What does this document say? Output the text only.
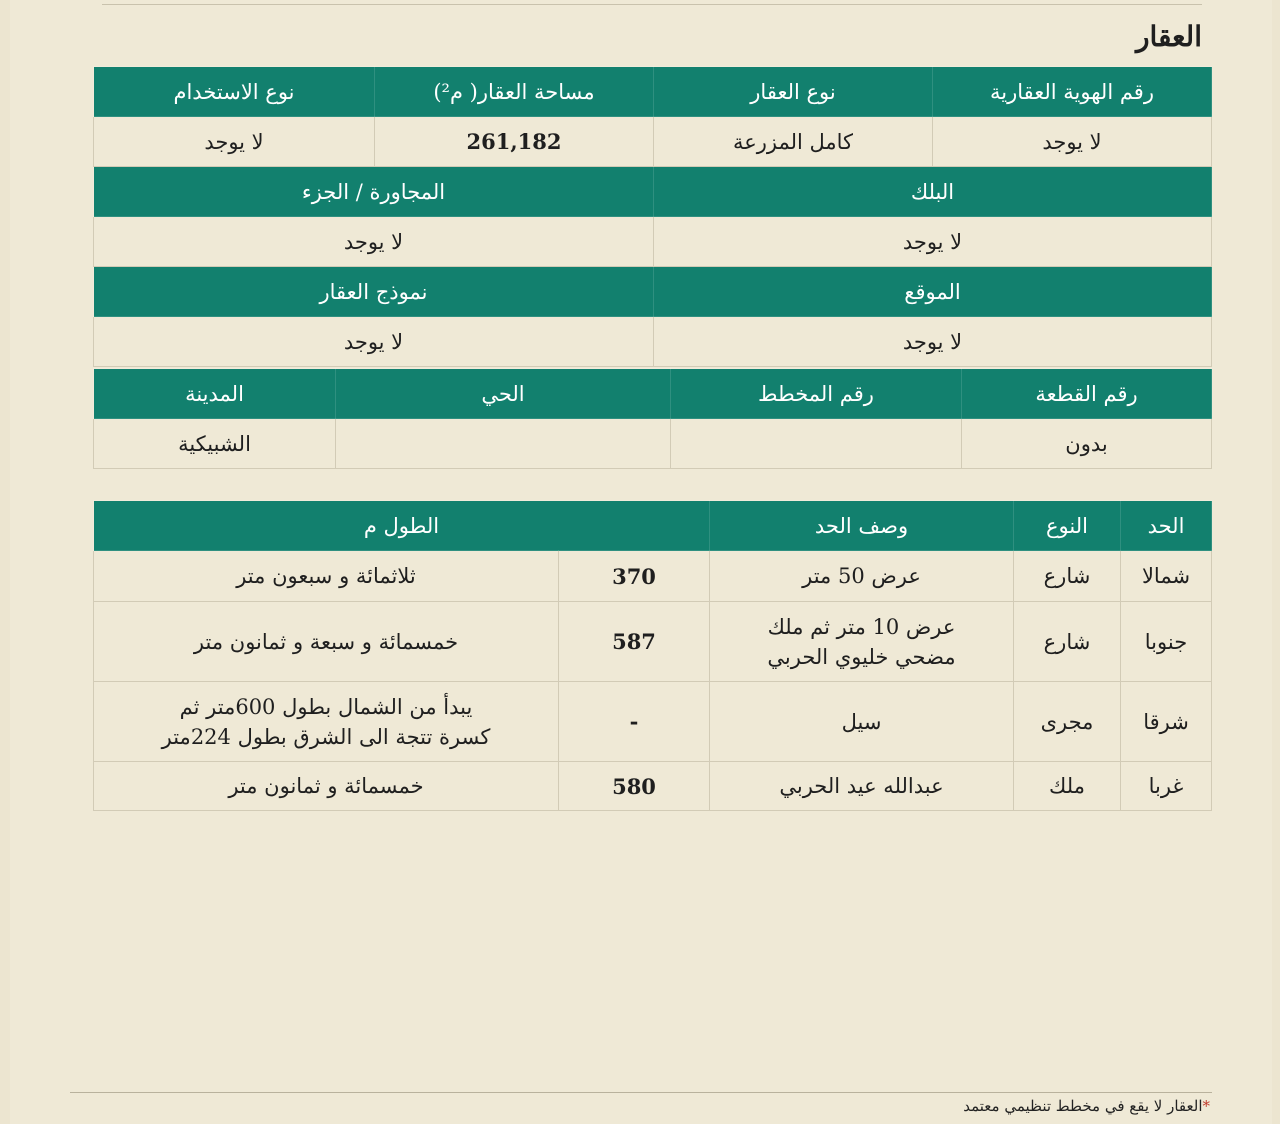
العقار
رقم الهوية العقارية	نوع العقار	مساحة العقار( م²)	نوع الاستخدام
لا يوجد	كامل المزرعة	261,182	لا يوجد
البلك		المجاورة / الجزء	
لا يوجد		لا يوجد	
الموقع		نموذج العقار	
لا يوجد		لا يوجد	
رقم القطعة	رقم المخطط	الحي	المدينة
بدون			الشبيكية
الحد	النوع	وصف الحد	الطول م	
شمالا	شارع	عرض 50 متر	370	ثلاثمائة و سبعون متر
جنوبا	شارع	عرض 10 متر ثم ملك مضحي خليوي الحربي	587	خمسمائة و سبعة و ثمانون متر
شرقا	مجرى	سيل	-	يبدأ من الشمال بطول 600متر ثم كسرة تتجة الى الشرق بطول 224متر
غربا	ملك	عبدالله عيد الحربي	580	خمسمائة و ثمانون متر
*العقار لا يقع في مخطط تنظيمي معتمد
